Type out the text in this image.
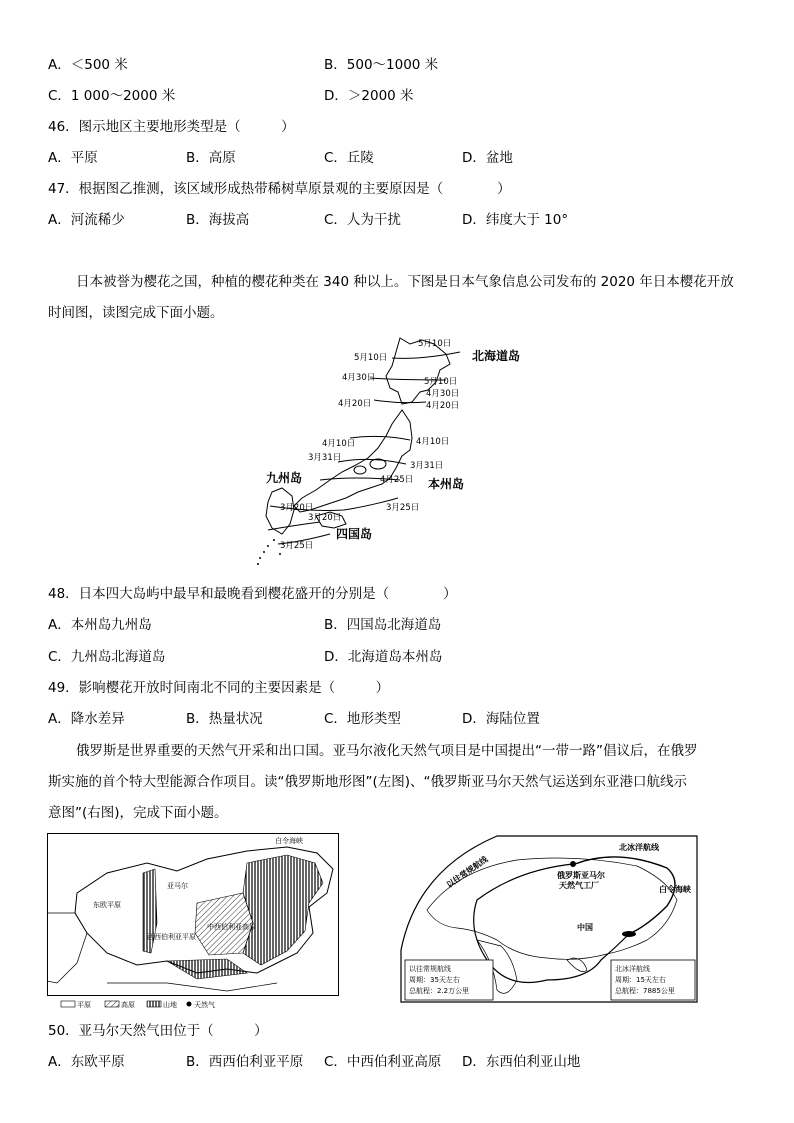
A．＜500 米	B．500～1000 米
C．1 000～2000 米	D．＞2000 米
46．图示地区主要地形类型是（　　　）
A．平原	B．高原	C．丘陵	D．盆地
47．根据图乙推测，该区域形成热带稀树草原景观的主要原因是（　　　　）
A．河流稀少	B．海拔高	C．人为干扰	D．纬度大于 10°
日本被誉为樱花之国，种植的樱花种类在 340 种以上。下图是日本气象信息公司发布的 2020 年日本樱花开放
时间图，读图完成下面小题。
5月10日
5月10日
5月10日
4月30日
4月30日
4月20日	4月20日
4月10日	4月10日
3月31日
3月31日
4月25日
3月25日
3月20日
3月20日
3月25日
北海道岛
本州岛
九州岛
四国岛
48．日本四大岛屿中最早和最晚看到樱花盛开的分别是（　　　　）
A．本州岛九州岛	B．四国岛北海道岛
C．九州岛北海道岛	D．北海道岛本州岛
49．影响樱花开放时间南北不同的主要因素是（　　　）
A．降水差异	B．热量状况	C．地形类型	D．海陆位置
俄罗斯是世界重要的天然气开采和出口国。亚马尔液化天然气项目是中国提出“一带一路”倡议后，在俄罗
斯实施的首个特大型能源合作项目。读“俄罗斯地形图”(左图)、“俄罗斯亚马尔天然气运送到东亚港口航线示
意图”(右图)，完成下面小题。
白令海峡
亚马尔
东欧平原
西西伯利亚平原
中西伯利亚高原
平原	高原	山地 天然气
北冰洋航线
以往常规航线	俄罗斯亚马尔
天然气工厂	白令海峡
中国
以往常规航线
周期：35天左右
总航程：2.2万公里
北冰洋航线
周期：15天左右
总航程：7885公里
50．亚马尔天然气田位于（　　　）
A．东欧平原	B．西西伯利亚平原 C．中西伯利亚高原 D．东西伯利亚山地
